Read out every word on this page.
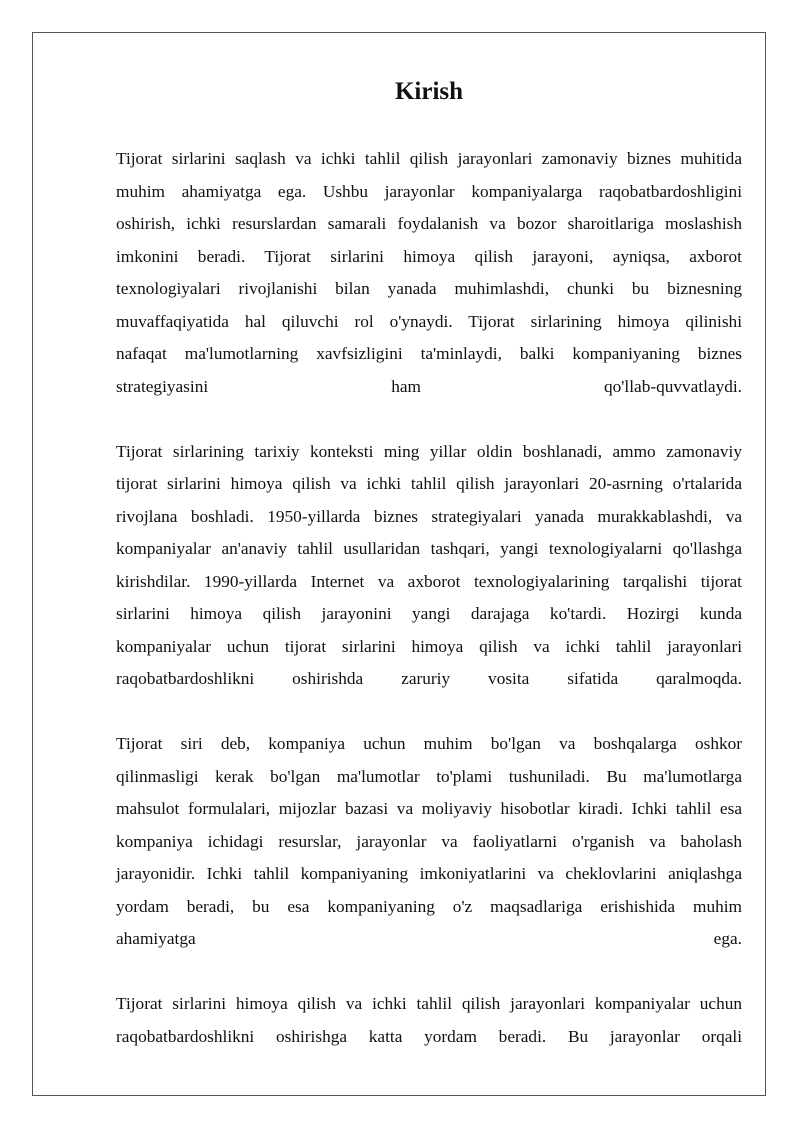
Kirish
Tijorat sirlarini saqlash va ichki tahlil qilish jarayonlari zamonaviy biznes muhitida
muhim ahamiyatga ega. Ushbu jarayonlar kompaniyalarga raqobatbardoshligini
oshirish, ichki resurslardan samarali foydalanish va bozor sharoitlariga moslashish
imkonini beradi. Tijorat sirlarini himoya qilish jarayoni, ayniqsa, axborot
texnologiyalari rivojlanishi bilan yanada muhimlashdi, chunki bu biznesning
muvaffaqiyatida hal qiluvchi rol o'ynaydi. Tijorat sirlarining himoya qilinishi
nafaqat ma'lumotlarning xavfsizligini ta'minlaydi, balki kompaniyaning biznes
strategiyasini ham qo'llab-quvvatlaydi.
Tijorat sirlarining tarixiy konteksti ming yillar oldin boshlanadi, ammo zamonaviy
tijorat sirlarini himoya qilish va ichki tahlil qilish jarayonlari 20-asrning o'rtalarida
rivojlana boshladi. 1950-yillarda biznes strategiyalari yanada murakkablashdi, va
kompaniyalar an'anaviy tahlil usullaridan tashqari, yangi texnologiyalarni qo'llashga
kirishdilar. 1990-yillarda Internet va axborot texnologiyalarining tarqalishi tijorat
sirlarini himoya qilish jarayonini yangi darajaga ko'tardi. Hozirgi kunda
kompaniyalar uchun tijorat sirlarini himoya qilish va ichki tahlil jarayonlari
raqobatbardoshlikni oshirishda zaruriy vosita sifatida qaralmoqda.
Tijorat siri deb, kompaniya uchun muhim bo'lgan va boshqalarga oshkor
qilinmasligi kerak bo'lgan ma'lumotlar to'plami tushuniladi. Bu ma'lumotlarga
mahsulot formulalari, mijozlar bazasi va moliyaviy hisobotlar kiradi. Ichki tahlil esa
kompaniya ichidagi resurslar, jarayonlar va faoliyatlarni o'rganish va baholash
jarayonidir. Ichki tahlil kompaniyaning imkoniyatlarini va cheklovlarini aniqlashga
yordam beradi, bu esa kompaniyaning o'z maqsadlariga erishishida muhim
ahamiyatga ega.
Tijorat sirlarini himoya qilish va ichki tahlil qilish jarayonlari kompaniyalar uchun
raqobatbardoshlikni oshirishga katta yordam beradi. Bu jarayonlar orqali
